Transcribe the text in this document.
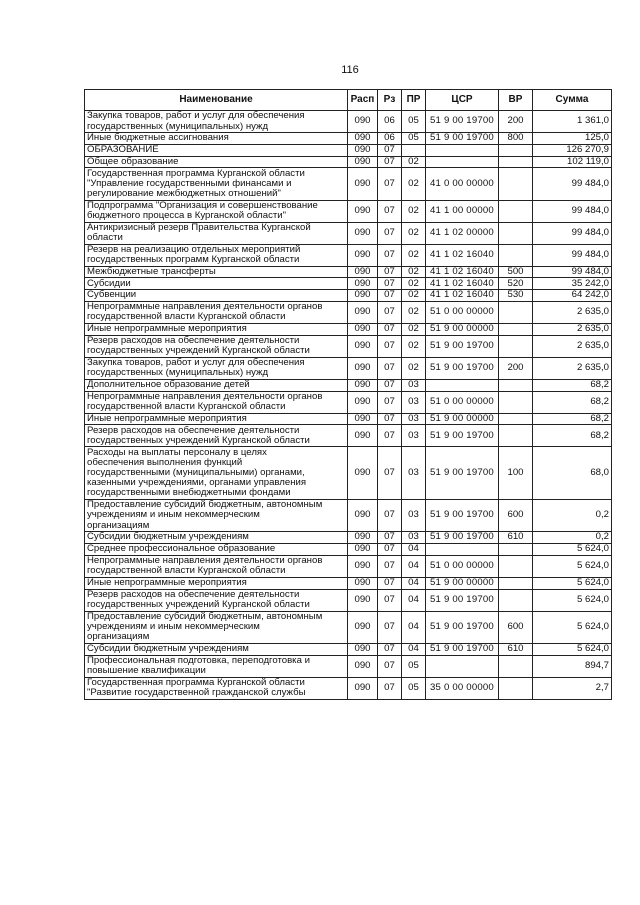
116
Наименование	Расп	Рз	ПР	ЦСР	ВР	Сумма
Закупка товаров, работ и услуг для обеспечения
государственных (муниципальных) нужд	090	06	05	51 9 00 19700	200	1 361,0
Иные бюджетные ассигнования	090	06	05	51 9 00 19700	800	125,0
ОБРАЗОВАНИЕ	090	07				126 270,9
Общее образование	090	07	02			102 119,0
Государственная программа Курганской области
"Управление государственными финансами и
регулирование межбюджетных отношений"	090	07	02	41 0 00 00000		99 484,0
Подпрограмма "Организация и совершенствование
бюджетного процесса в Курганской области"	090	07	02	41 1 00 00000		99 484,0
Антикризисный резерв Правительства Курганской
области	090	07	02	41 1 02 00000		99 484,0
Резерв на реализацию отдельных мероприятий
государственных программ Курганской области	090	07	02	41 1 02 16040		99 484,0
Межбюджетные трансферты	090	07	02	41 1 02 16040	500	99 484,0
Субсидии	090	07	02	41 1 02 16040	520	35 242,0
Субвенции	090	07	02	41 1 02 16040	530	64 242,0
Непрограммные направления деятельности органов
государственной власти Курганской области	090	07	02	51 0 00 00000		2 635,0
Иные непрограммные мероприятия	090	07	02	51 9 00 00000		2 635,0
Резерв расходов на обеспечение деятельности
государственных учреждений Курганской области	090	07	02	51 9 00 19700		2 635,0
Закупка товаров, работ и услуг для обеспечения
государственных (муниципальных) нужд	090	07	02	51 9 00 19700	200	2 635,0
Дополнительное образование детей	090	07	03			68,2
Непрограммные направления деятельности органов
государственной власти Курганской области	090	07	03	51 0 00 00000		68,2
Иные непрограммные мероприятия	090	07	03	51 9 00 00000		68,2
Резерв расходов на обеспечение деятельности
государственных учреждений Курганской области	090	07	03	51 9 00 19700		68,2
Расходы на выплаты персоналу в целях
обеспечения выполнения функций
государственными (муниципальными) органами,
казенными учреждениями, органами управления
государственными внебюджетными фондами	090	07	03	51 9 00 19700	100	68,0
Предоставление субсидий бюджетным, автономным
учреждениям и иным некоммерческим
организациям	090	07	03	51 9 00 19700	600	0,2
Субсидии бюджетным учреждениям	090	07	03	51 9 00 19700	610	0,2
Среднее профессиональное образование	090	07	04			5 624,0
Непрограммные направления деятельности органов
государственной власти Курганской области	090	07	04	51 0 00 00000		5 624,0
Иные непрограммные мероприятия	090	07	04	51 9 00 00000		5 624,0
Резерв расходов на обеспечение деятельности
государственных учреждений Курганской области	090	07	04	51 9 00 19700		5 624,0
Предоставление субсидий бюджетным, автономным
учреждениям и иным некоммерческим
организациям	090	07	04	51 9 00 19700	600	5 624,0
Субсидии бюджетным учреждениям	090	07	04	51 9 00 19700	610	5 624,0
Профессиональная подготовка, переподготовка и
повышение квалификации	090	07	05			894,7
Государственная программа Курганской области
"Развитие государственной гражданской службы	090	07	05	35 0 00 00000		2,7
